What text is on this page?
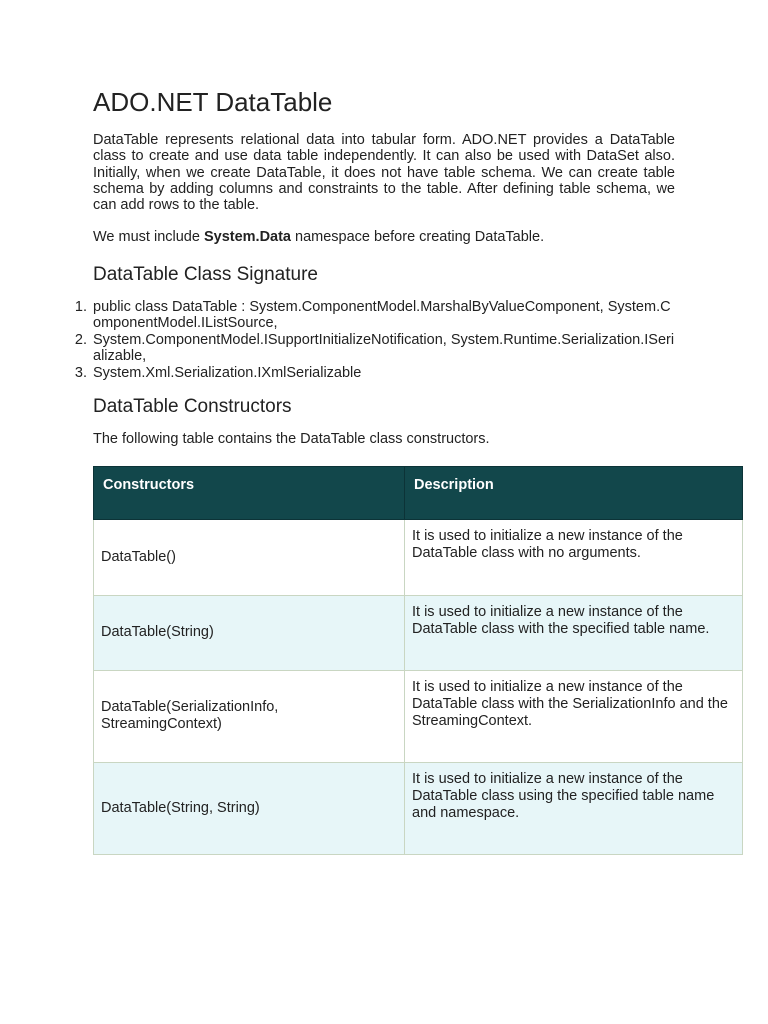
ADO.NET DataTable

DataTable represents relational data into tabular form. ADO.NET provides a DataTable class to create and use data table independently. It can also be used with DataSet also. Initially, when we create DataTable, it does not have table schema. We can create table schema by adding columns and constraints to the table. After defining table schema, we can add rows to the table.

We must include System.Data namespace before creating DataTable.

DataTable Class Signature
1. public class DataTable : System.ComponentModel.MarshalByValueComponent, System.ComponentModel.IListSource,
2. System.ComponentModel.ISupportInitializeNotification, System.Runtime.Serialization.ISerializable,
3. System.Xml.Serialization.IXmlSerializable
DataTable Constructors

The following table contains the DataTable class constructors.

Constructors	Description
DataTable()	It is used to initialize a new instance of the DataTable class with no arguments.
DataTable(String)	It is used to initialize a new instance of the DataTable class with the specified table name.
DataTable(SerializationInfo, StreamingContext)	It is used to initialize a new instance of the DataTable class with the SerializationInfo and the StreamingContext.
DataTable(String, String)	It is used to initialize a new instance of the DataTable class using the specified table name and namespace.
